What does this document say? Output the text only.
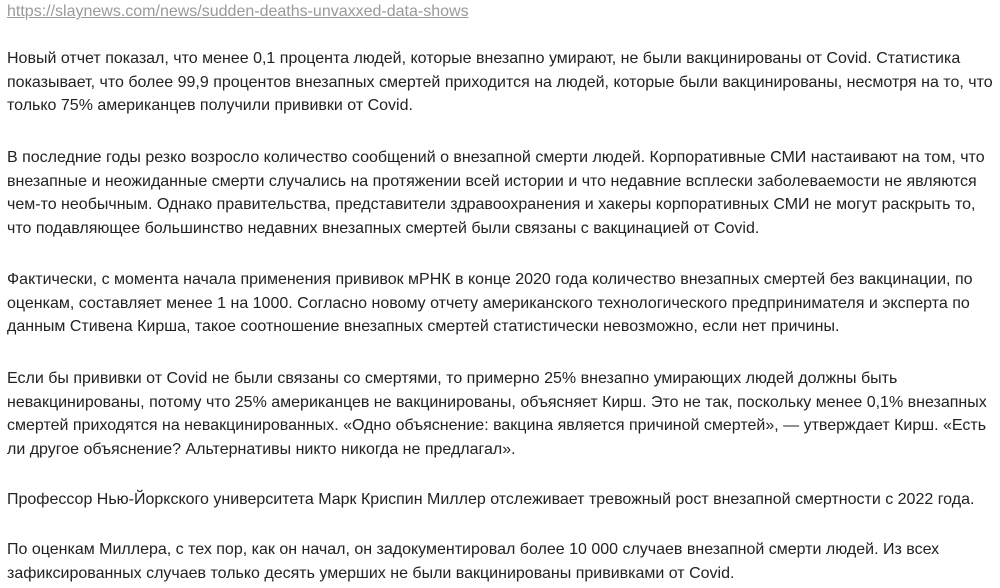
https://slaynews.com/news/sudden-deaths-unvaxxed-data-shows

Новый отчет показал, что менее 0,1 процента людей, которые внезапно умирают, не были вакцинированы от Covid. Статистика показывает, что более 99,9 процентов внезапных смертей приходится на людей, которые были вакцинированы, несмотря на то, что только 75% американцев получили прививки от Covid.

В последние годы резко возросло количество сообщений о внезапной смерти людей. Корпоративные СМИ настаивают на том, что внезапные и неожиданные смерти случались на протяжении всей истории и что недавние всплески заболеваемости не являются чем-то необычным. Однако правительства, представители здравоохранения и хакеры корпоративных СМИ не могут раскрыть то, что подавляющее большинство недавних внезапных смертей были связаны с вакцинацией от Covid.

Фактически, с момента начала применения прививок мРНК в конце 2020 года количество внезапных смертей без вакцинации, по оценкам, составляет менее 1 на 1000. Согласно новому отчету американского технологического предпринимателя и эксперта по данным Стивена Кирша, такое соотношение внезапных смертей статистически невозможно, если нет причины.

Если бы прививки от Covid не были связаны со смертями, то примерно 25% внезапно умирающих людей должны быть невакцинированы, потому что 25% американцев не вакцинированы, объясняет Кирш. Это не так, поскольку менее 0,1% внезапных смертей приходятся на невакцинированных. «Одно объяснение: вакцина является причиной смертей», — утверждает Кирш. «Есть ли другое объяснение? Альтернативы никто никогда не предлагал».

Профессор Нью-Йоркского университета Марк Криспин Миллер отслеживает тревожный рост внезапной смертности с 2022 года.

По оценкам Миллера, с тех пор, как он начал, он задокументировал более 10 000 случаев внезапной смерти людей. Из всех зафиксированных случаев только десять умерших не были вакцинированы прививками от Covid.
